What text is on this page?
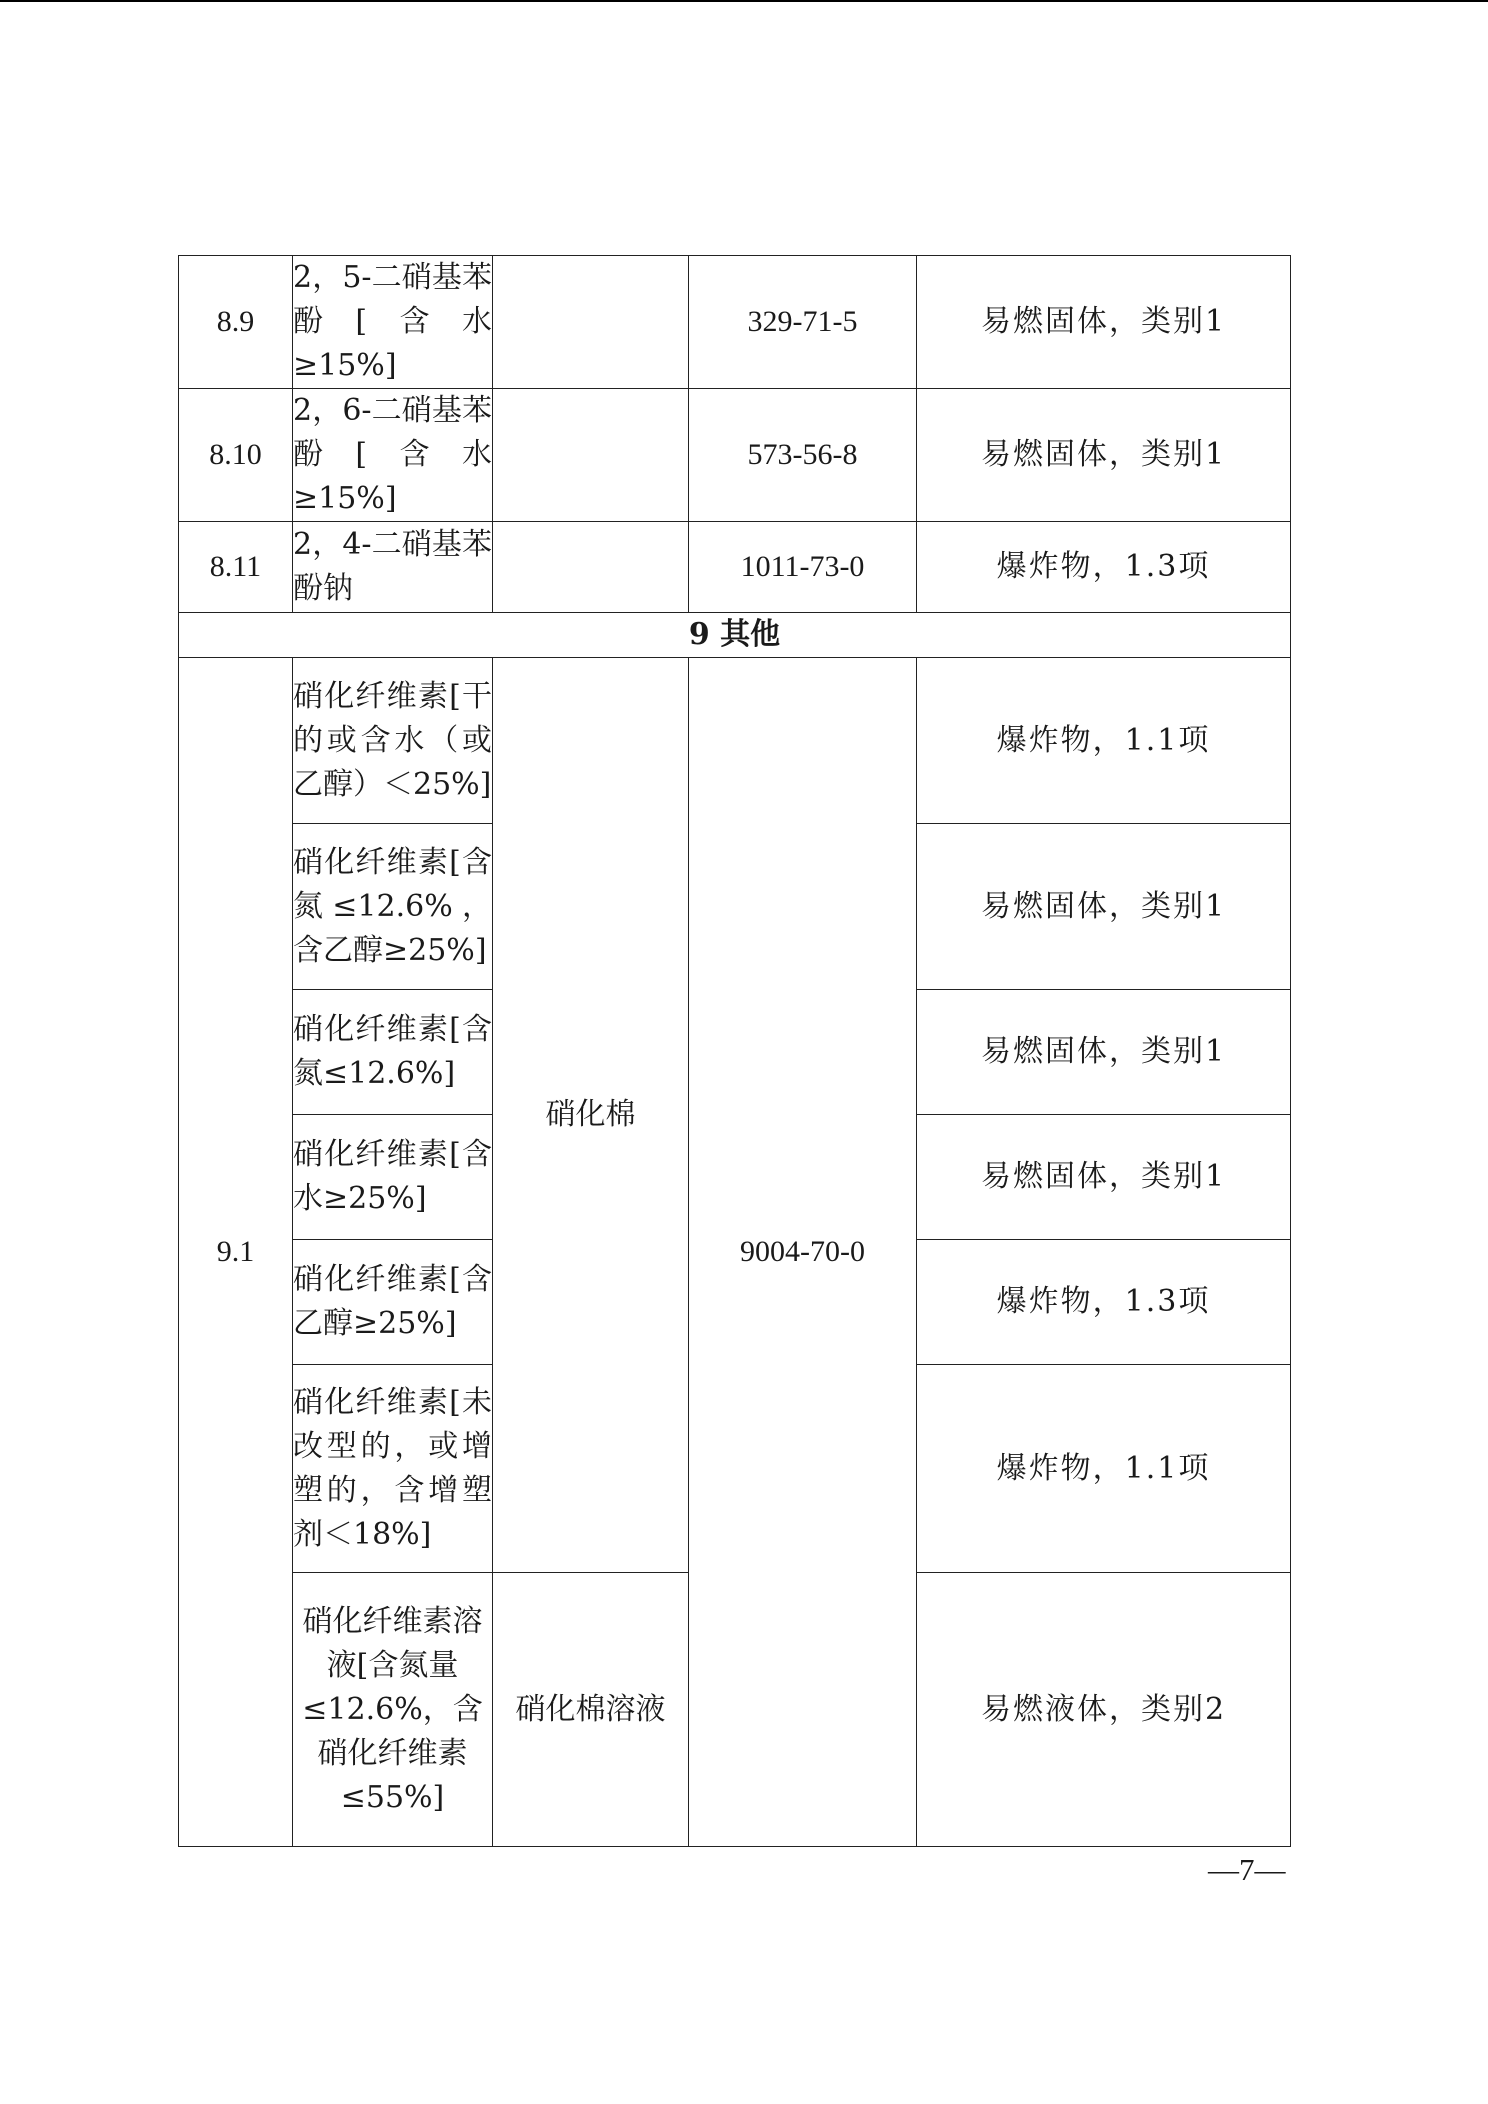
8.9	2，5-二硝基苯酚[含水≥15%]		329-71-5	易燃固体，类别1
8.10	2，6-二硝基苯酚[含水≥15%]		573-56-8	易燃固体，类别1
8.11	2，4-二硝基苯酚钠		1011-73-0	爆炸物，1.3项
9 其他				
9.1	硝化纤维素[干的或含水（或乙醇）＜25%]	硝化棉	9004-70-0	爆炸物，1.1项

	硝化纤维素[含氮≤12.6%，含乙醇≥25%]			易燃固体，类别1

	硝化纤维素[含氮≤12.6%]			易燃固体，类别1

	硝化纤维素[含水≥25%]			易燃固体，类别1

	硝化纤维素[含乙醇≥25%]			爆炸物，1.3项

	硝化纤维素[未改型的，或增塑的，含增塑剂＜18%]			爆炸物，1.1项
	硝化纤维素溶液[含氮量≤12.6%，含硝化纤维素≤55%]	硝化棉溶液		易燃液体，类别2
—7—
